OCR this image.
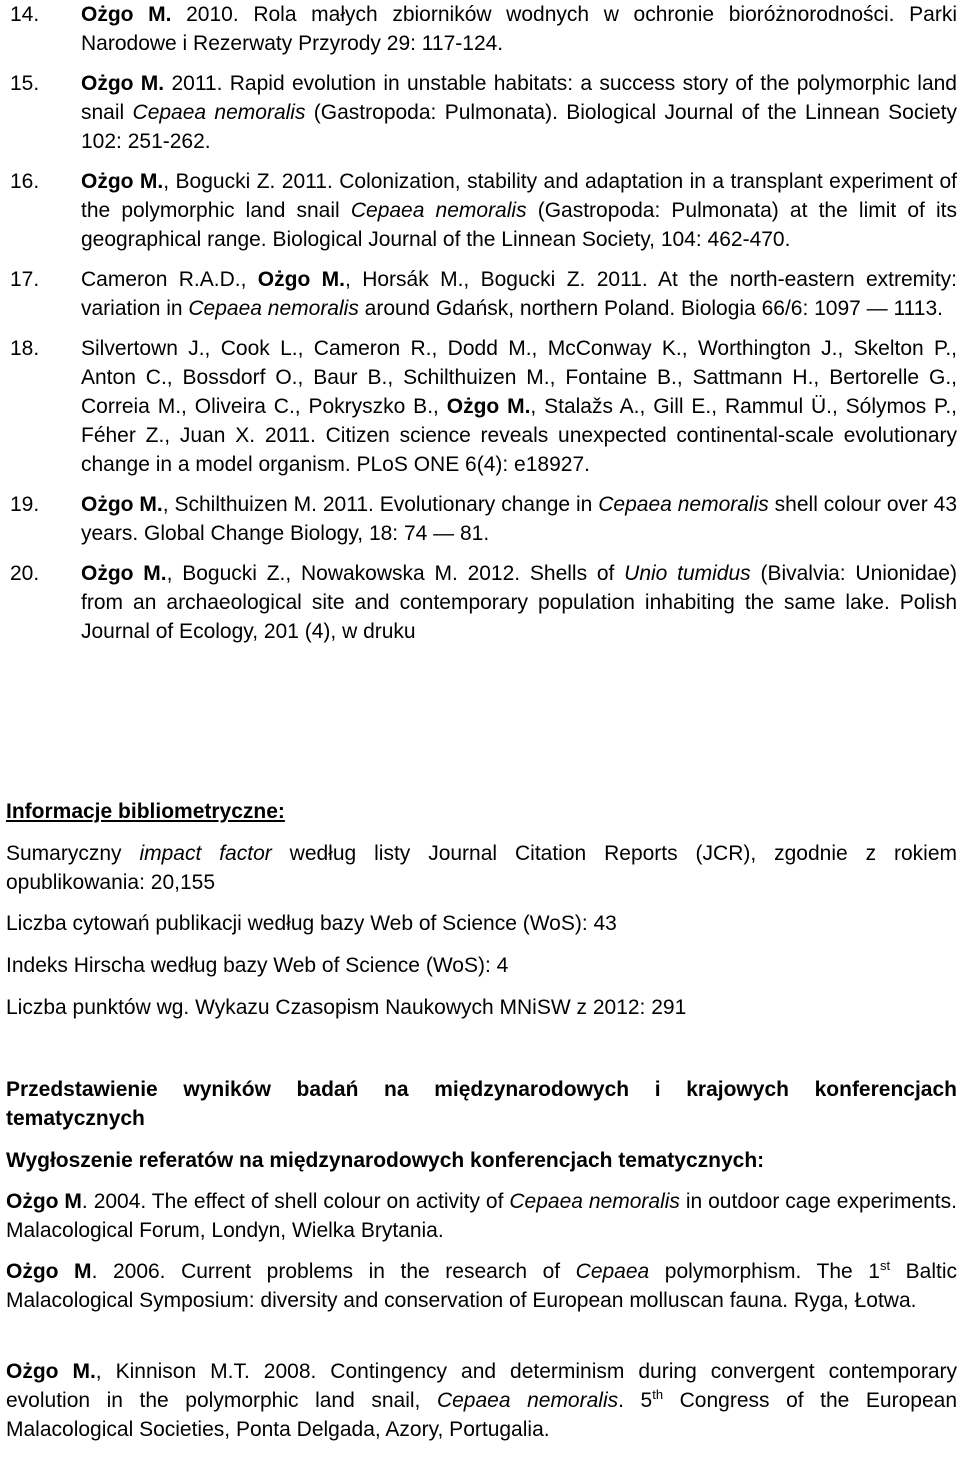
14.	Ożgo M. 2010. Rola małych zbiorników wodnych w ochronie bioróżnorodności. Parki Narodowe i Rezerwaty Przyrody 29: 117-124.
15.	Ożgo M. 2011. Rapid evolution in unstable habitats: a success story of the polymorphic land snail Cepaea nemoralis (Gastropoda: Pulmonata). Biological Journal of the Linnean Society 102: 251-262.
16.	Ożgo M., Bogucki Z. 2011. Colonization, stability and adaptation in a transplant experiment of the polymorphic land snail Cepaea nemoralis (Gastropoda: Pulmonata) at the limit of its geographical range. Biological Journal of the Linnean Society, 104: 462-470.
17.	Cameron R.A.D., Ożgo M., Horsák M., Bogucki Z. 2011. At the north-eastern extremity: variation in Cepaea nemoralis around Gdańsk, northern Poland. Biologia 66/6: 1097 — 1113.
18.	Silvertown J., Cook L., Cameron R., Dodd M., McConway K., Worthington J., Skelton P., Anton C., Bossdorf O., Baur B., Schilthuizen M., Fontaine B., Sattmann H., Bertorelle G., Correia M., Oliveira C., Pokryszko B., Ożgo M., Stalažs A., Gill E., Rammul Ü., Sólymos P., Féher Z., Juan X. 2011. Citizen science reveals unexpected continental-scale evolutionary change in a model organism. PLoS ONE 6(4): e18927.
19.	Ożgo M., Schilthuizen M. 2011. Evolutionary change in Cepaea nemoralis shell colour over 43 years. Global Change Biology, 18: 74 — 81.
20.	Ożgo M., Bogucki Z., Nowakowska M. 2012. Shells of Unio tumidus (Bivalvia: Unionidae) from an archaeological site and contemporary population inhabiting the same lake. Polish Journal of Ecology, 201 (4), w druku
Informacje bibliometryczne:
Sumaryczny impact factor według listy Journal Citation Reports (JCR), zgodnie z rokiem opublikowania: 20,155
Liczba cytowań publikacji według bazy Web of Science (WoS): 43
Indeks Hirscha według bazy Web of Science (WoS): 4
Liczba punktów wg. Wykazu Czasopism Naukowych MNiSW z 2012: 291
Przedstawienie wyników badań na międzynarodowych i krajowych konferencjach tematycznych
Wygłoszenie referatów na międzynarodowych konferencjach tematycznych:
Ożgo M. 2004. The effect of shell colour on activity of Cepaea nemoralis in outdoor cage experiments. Malacological Forum, Londyn, Wielka Brytania.
Ożgo M. 2006. Current problems in the research of Cepaea polymorphism. The 1st Baltic Malacological Symposium: diversity and conservation of European molluscan fauna. Ryga, Łotwa.
Ożgo M., Kinnison M.T. 2008. Contingency and determinism during convergent contemporary evolution in the polymorphic land snail, Cepaea nemoralis. 5th Congress of the European Malacological Societies, Ponta Delgada, Azory, Portugalia.
